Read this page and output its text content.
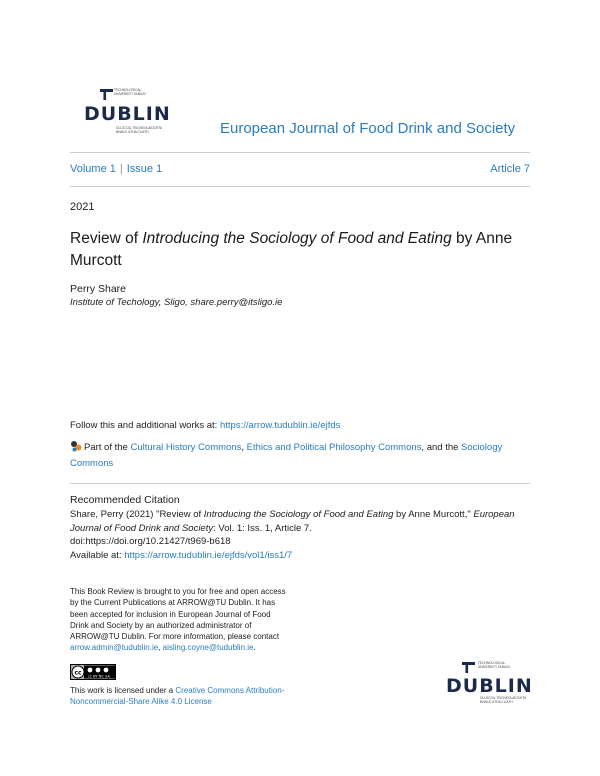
TECHNOLOGICAL
UNIVERSITY DUBLIN
T
DUBLIN
OLLSCOIL TEICNEOLAÍOCHTA
BHAILE ÁTHA CLIATH	European Journal of Food Drink and Society
Volume 1 | Issue 1	Article 7
2021
Review of Introducing the Sociology of Food and Eating by Anne Murcott
Perry Share
Institute of Techology, Sligo, share.perry@itsligo.ie
Follow this and additional works at: https://arrow.tudublin.ie/ejfds
Part of the Cultural History Commons, Ethics and Political Philosophy Commons, and the Sociology Commons
Recommended Citation
Share, Perry (2021) "Review of Introducing the Sociology of Food and Eating by Anne Murcott," European Journal of Food Drink and Society: Vol. 1: Iss. 1, Article 7.
doi:https://doi.org/10.21427/t969-b618
Available at: https://arrow.tudublin.ie/ejfds/vol1/iss1/7
This Book Review is brought to you for free and open access by the Current Publications at ARROW@TU Dublin. It has been accepted for inclusion in European Journal of Food Drink and Society by an authorized administrator of ARROW@TU Dublin. For more information, please contact arrow.admin@tudublin.ie, aisling.coyne@tudublin.ie.
cc cc BY NC SA
This work is licensed under a Creative Commons Attribution-Noncommercial-Share Alike 4.0 License
TECHNOLOGICAL
UNIVERSITY DUBLIN
T
DUBLIN
OLLSCOIL TEICNEOLAÍOCHTA
BHAILE ÁTHA CLIATH
